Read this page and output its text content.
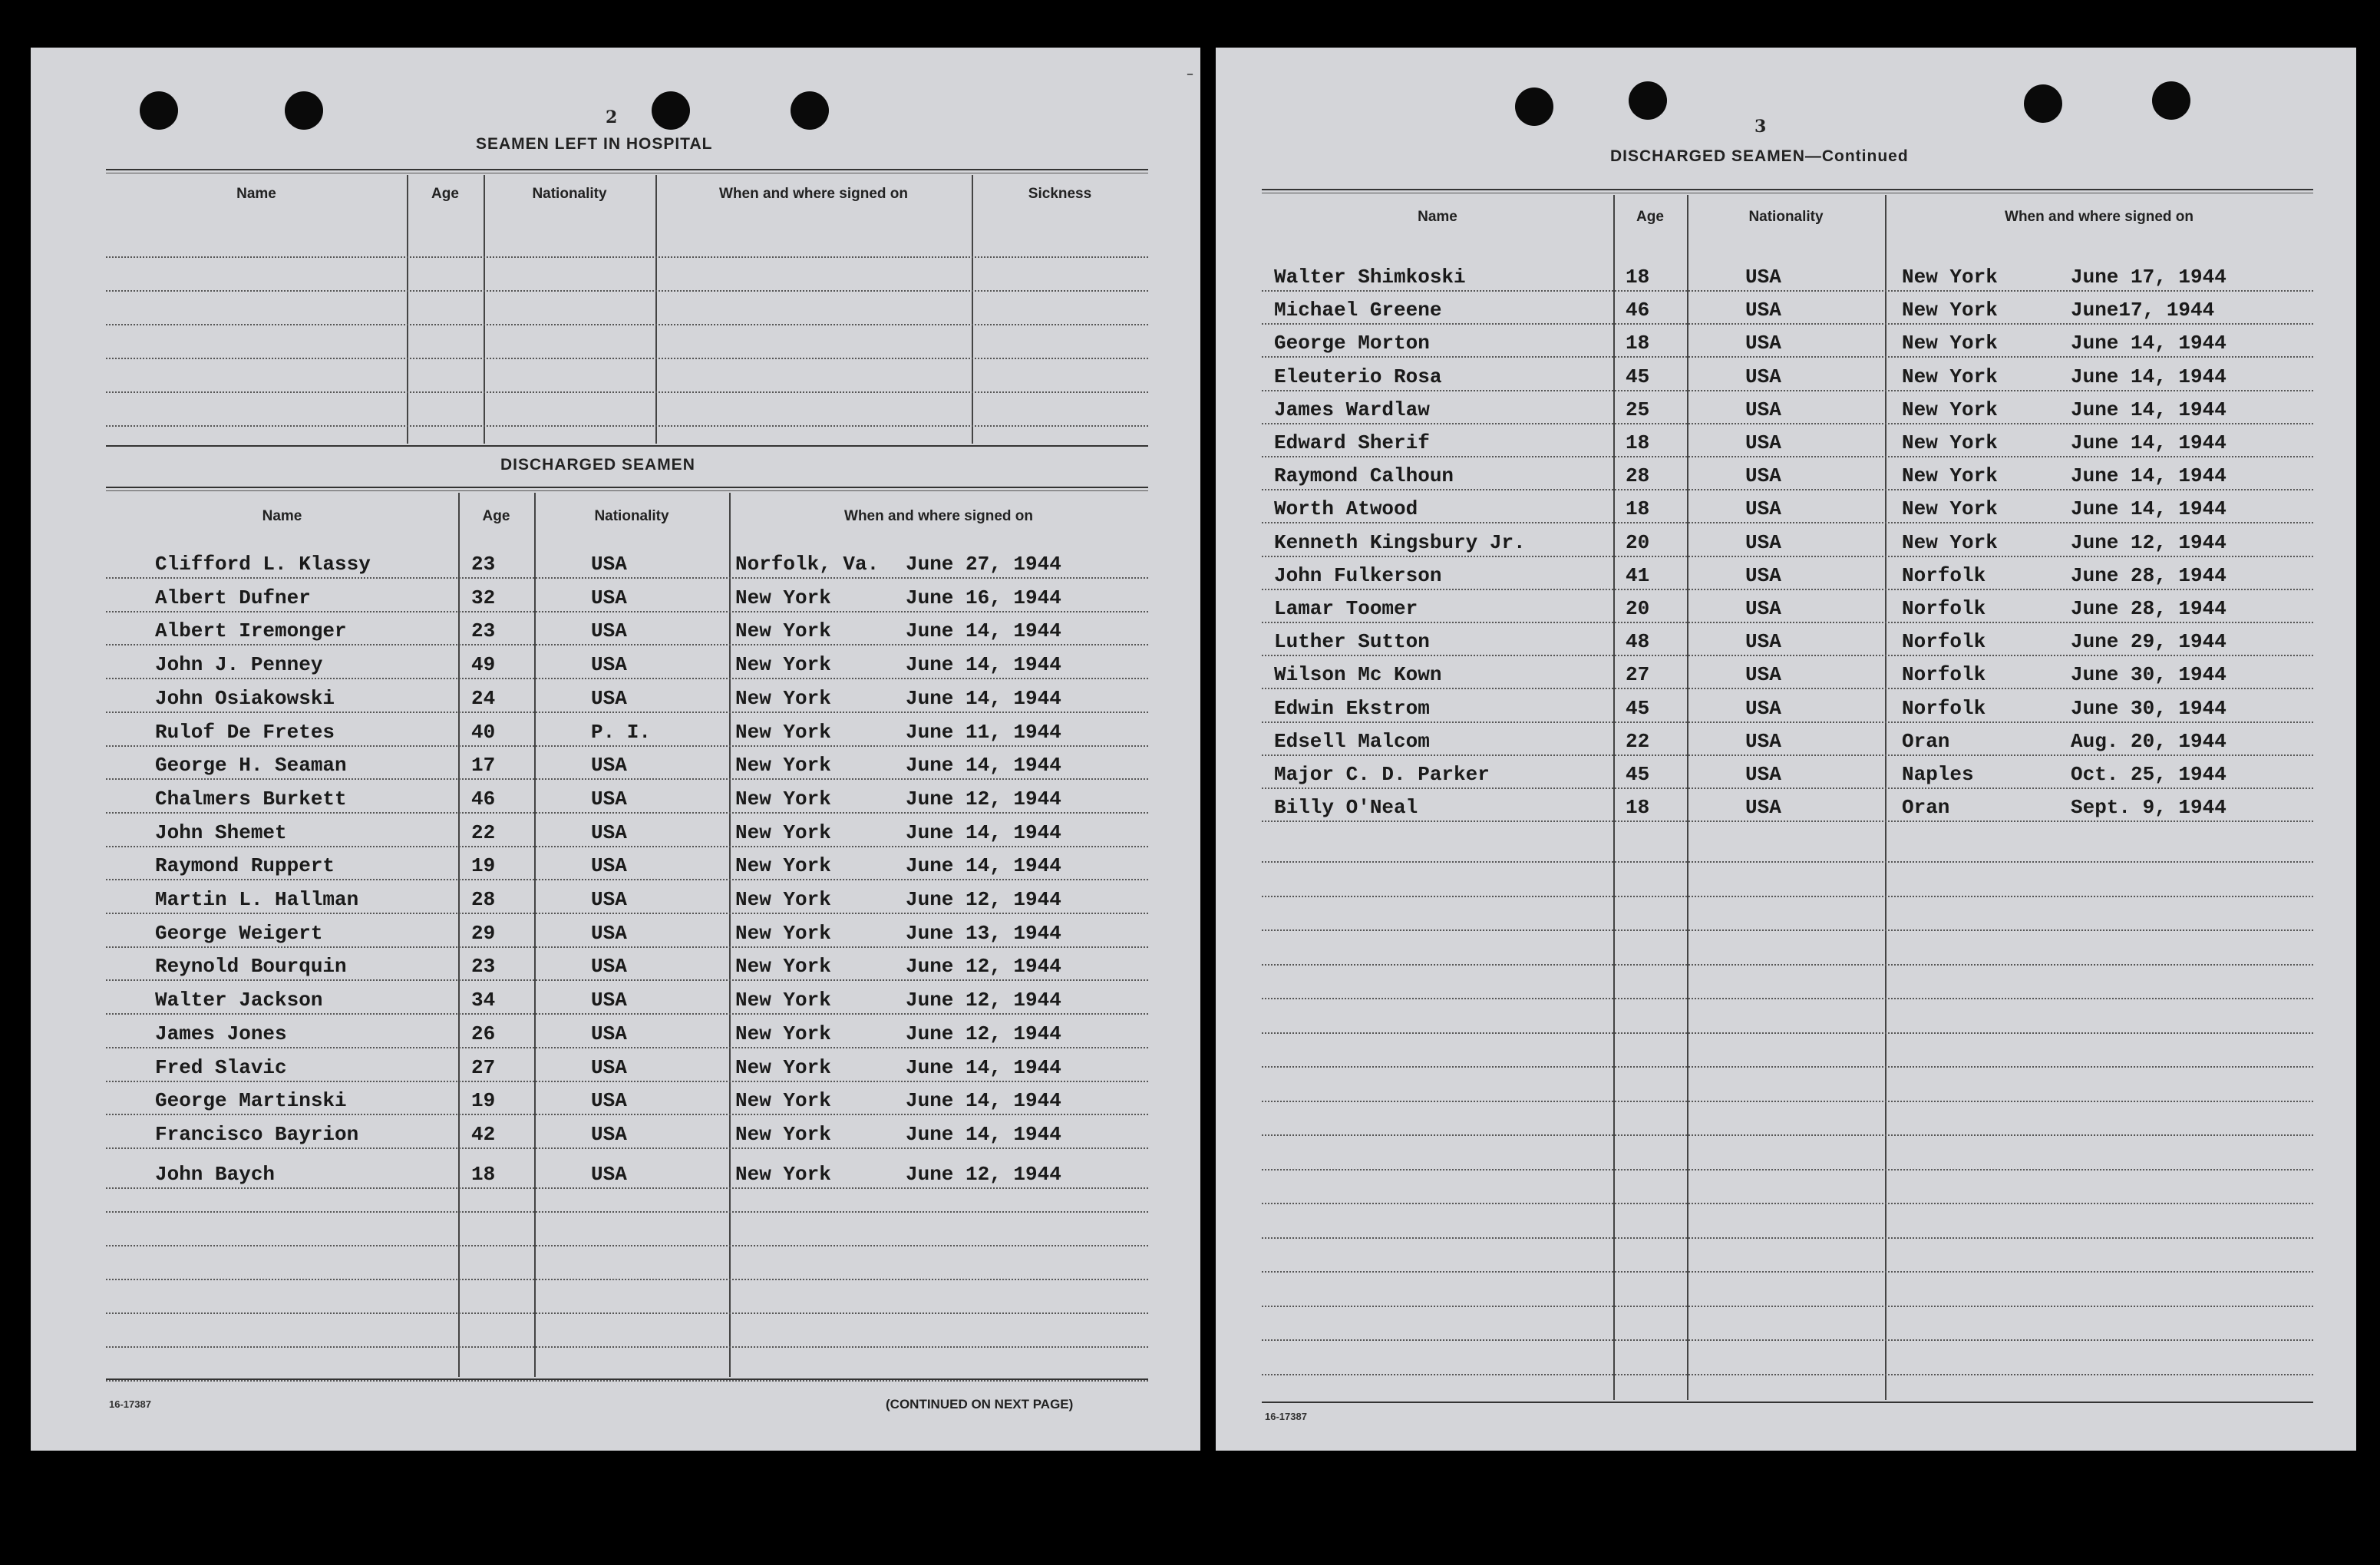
2
SEAMEN LEFT IN HOSPITAL
Name	Age	Nationality	When and where signed on	Sickness
DISCHARGED SEAMEN
Name	Age	Nationality	When and where signed on
Clifford L. Klassy	23	USA	Norfolk, Va. June 27, 1944
Albert Dufner	32	USA	New York	June 16, 1944
Albert Iremonger	23	USA	New York	June 14, 1944
John J. Penney	49	USA	New York	June 14, 1944
John Osiakowski	24	USA	New York	June 14, 1944
Rulof De Fretes	40	P. I.	New York	June 11, 1944
George H. Seaman	17	USA	New York	June 14, 1944
Chalmers Burkett	46	USA	New York	June 12, 1944
John Shemet	22	USA	New York	June 14, 1944
Raymond Ruppert	19	USA	New York	June 14, 1944
Martin L. Hallman	28	USA	New York	June 12, 1944
George Weigert	29	USA	New York	June 13, 1944
Reynold Bourquin	23	USA	New York	June 12, 1944
Walter Jackson	34	USA	New York	June 12, 1944
James Jones	26	USA	New York	June 12, 1944
Fred Slavic	27	USA	New York	June 14, 1944
George Martinski	19	USA	New York	June 14, 1944
Francisco Bayrion	42	USA	New York	June 14, 1944
John Baych	18	USA	New York	June 12, 1944
16-17387	(CONTINUED ON NEXT PAGE)
3
DISCHARGED SEAMEN—Continued
Name	Age	Nationality	When and where signed on
Walter Shimkoski	18	USA	New York	June 17, 1944
Michael Greene	46	USA	New York	June17, 1944
George Morton	18	USA	New York	June 14, 1944
Eleuterio Rosa	45	USA	New York	June 14, 1944
James Wardlaw	25	USA	New York	June 14, 1944
Edward Sherif	18	USA	New York	June 14, 1944
Raymond Calhoun	28	USA	New York	June 14, 1944
Worth Atwood	18	USA	New York	June 14, 1944
Kenneth Kingsbury Jr.	20	USA	New York	June 12, 1944
John Fulkerson	41	USA	Norfolk	June 28, 1944
Lamar Toomer	20	USA	Norfolk	June 28, 1944
Luther Sutton	48	USA	Norfolk	June 29, 1944
Wilson Mc Kown	27	USA	Norfolk	June 30, 1944
Edwin Ekstrom	45	USA	Norfolk	June 30, 1944
Edsell Malcom	22	USA	Oran	Aug. 20, 1944
Major C. D. Parker	45	USA	Naples	Oct. 25, 1944
Billy O'Neal	18	USA	Oran	Sept. 9, 1944
16-17387
–
